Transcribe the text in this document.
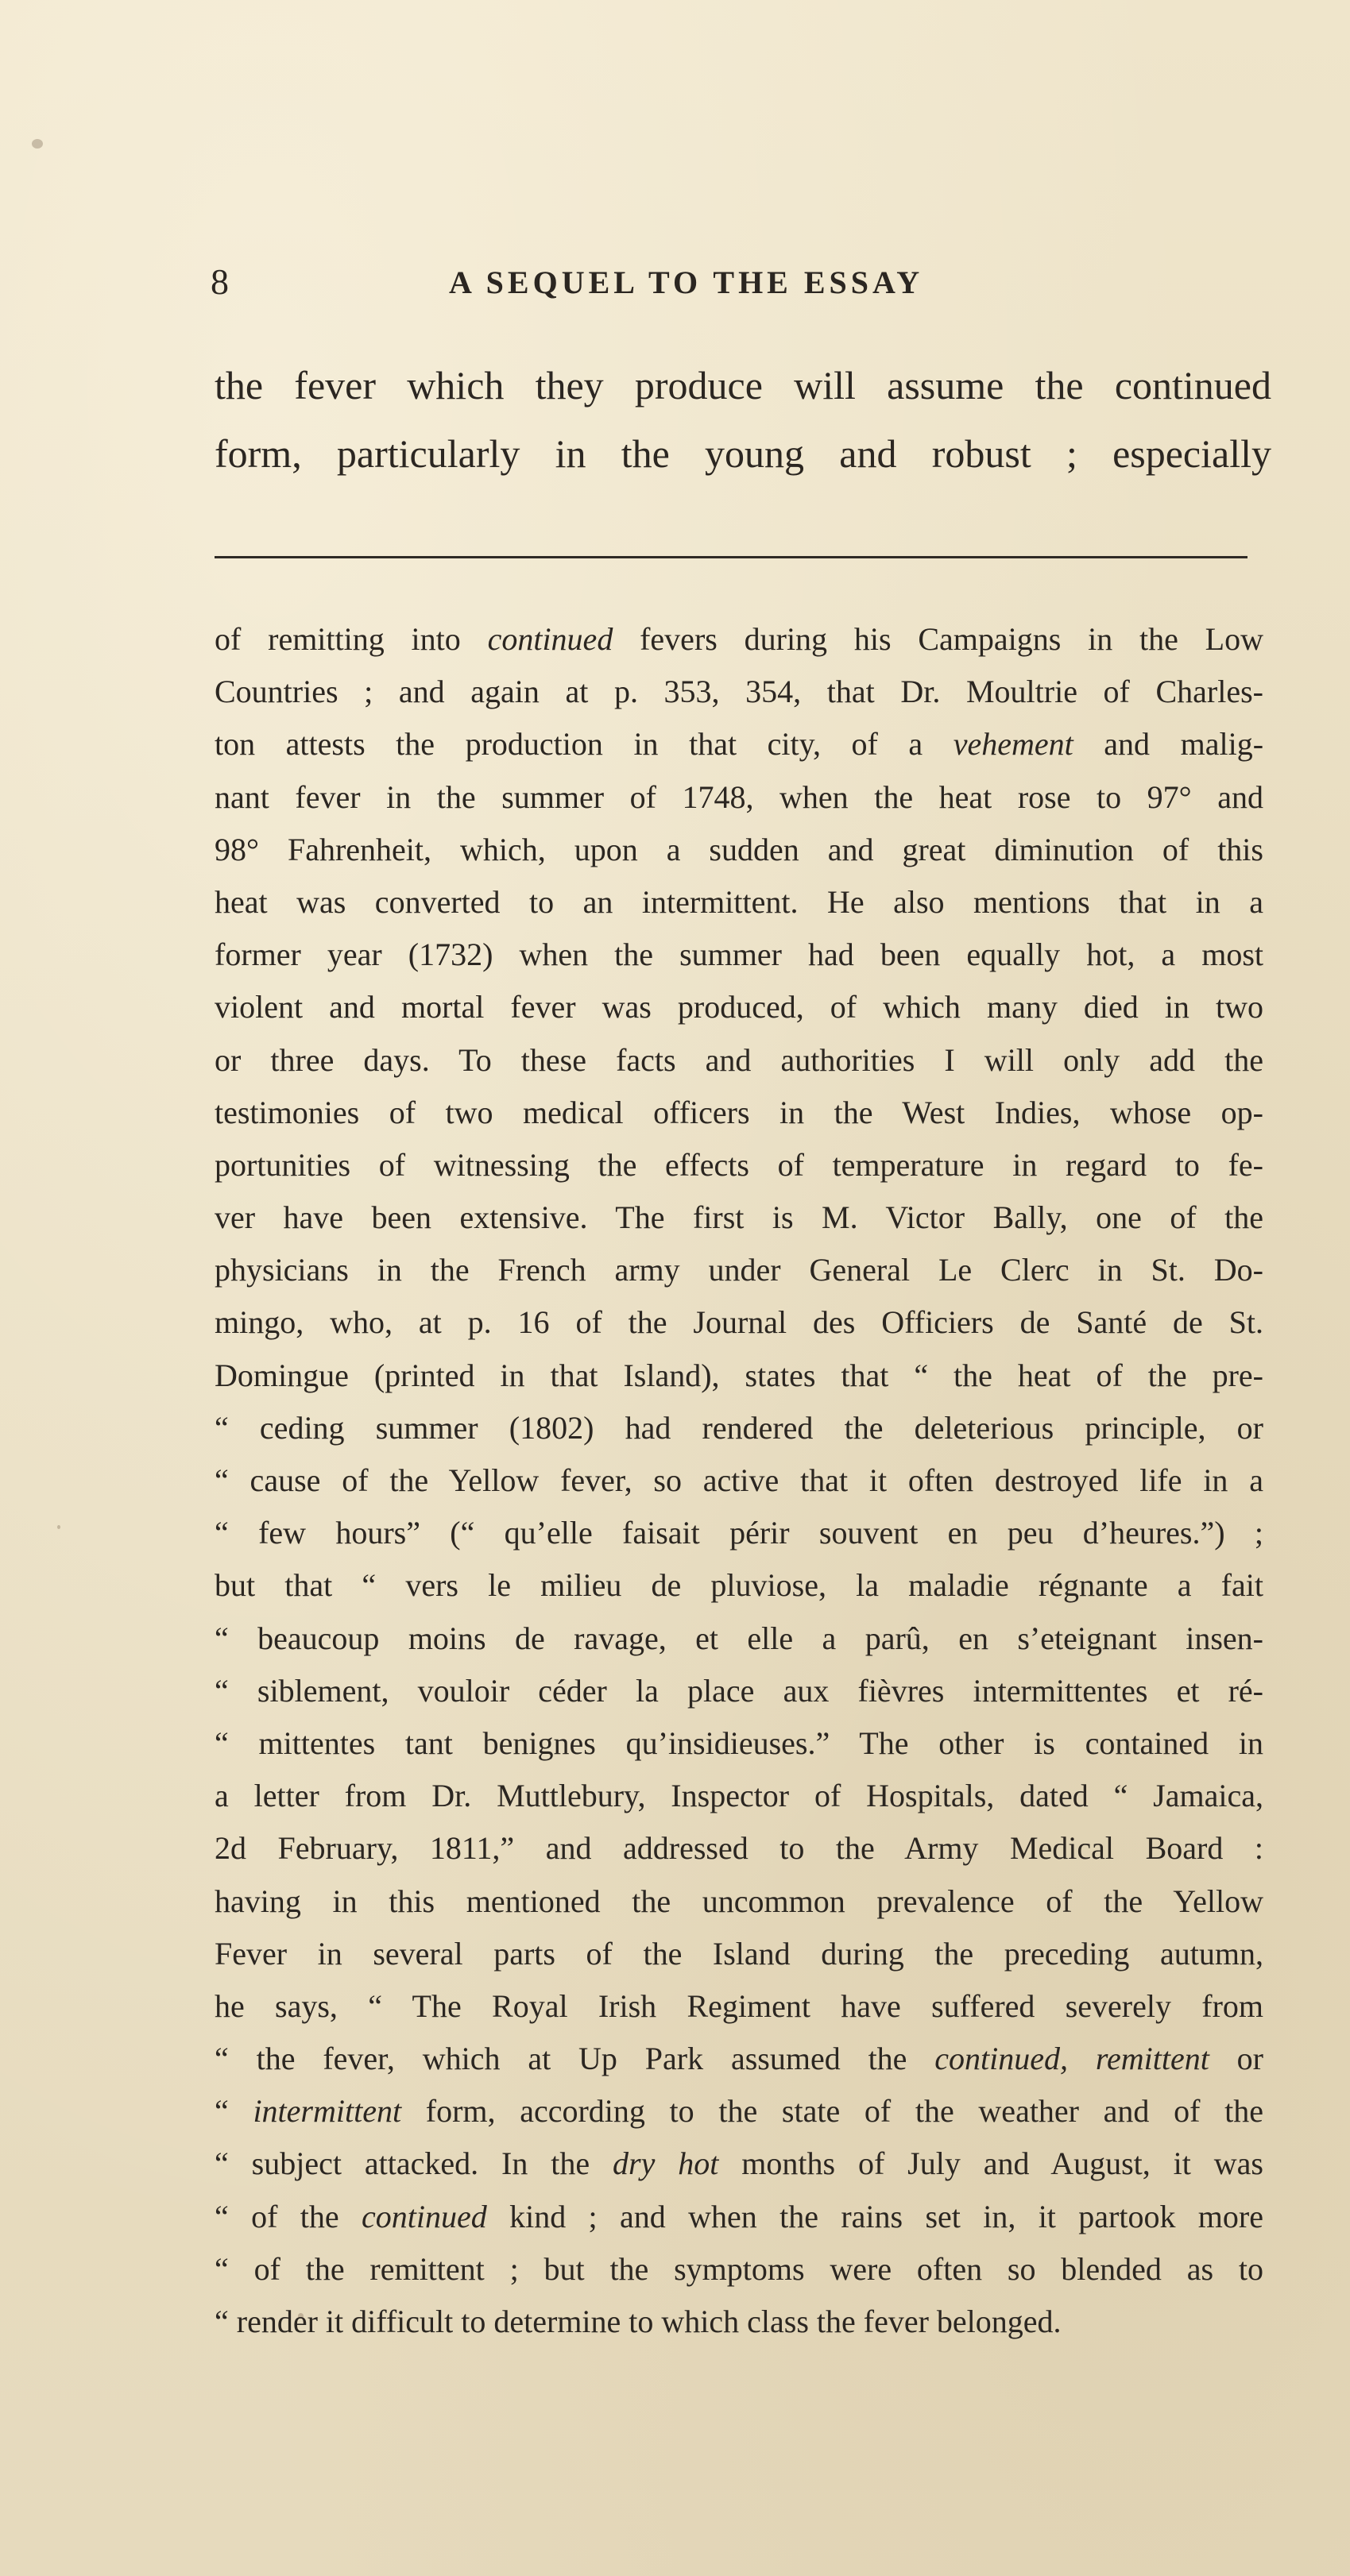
8	A SEQUEL TO THE ESSAY
the fever which they produce will assume the continued
form, particularly in the young and robust ; especially
of remitting into continued fevers during his Campaigns in the Low
Countries ; and again at p. 353, 354, that Dr. Moultrie of Charles-
ton attests the production in that city, of a vehement and malig-
nant fever in the summer of 1748, when the heat rose to 97° and
98° Fahrenheit, which, upon a sudden and great diminution of this
heat was converted to an intermittent. He also mentions that in a
former year (1732) when the summer had been equally hot, a most
violent and mortal fever was produced, of which many died in two
or three days. To these facts and authorities I will only add the
testimonies of two medical officers in the West Indies, whose op-
portunities of witnessing the effects of temperature in regard to fe-
ver have been extensive. The first is M. Victor Bally, one of the
physicians in the French army under General Le Clerc in St. Do-
mingo, who, at p. 16 of the Journal des Officiers de Santé de St.
Domingue (printed in that Island), states that “ the heat of the pre-
“ ceding summer (1802) had rendered the deleterious principle, or
“ cause of the Yellow fever, so active that it often destroyed life in a
“ few hours” (“ qu’elle faisait périr souvent en peu d’heures.”) ;
but that “ vers le milieu de pluviose, la maladie régnante a fait
“ beaucoup moins de ravage, et elle a parû, en s’eteignant insen-
“ siblement, vouloir céder la place aux fièvres intermittentes et ré-
“ mittentes tant benignes qu’insidieuses.” The other is contained in
a letter from Dr. Muttlebury, Inspector of Hospitals, dated “ Jamaica,
2d February, 1811,” and addressed to the Army Medical Board :
having in this mentioned the uncommon prevalence of the Yellow
Fever in several parts of the Island during the preceding autumn,
he says, “ The Royal Irish Regiment have suffered severely from
“ the fever, which at Up Park assumed the continued, remittent or
“ intermittent form, according to the state of the weather and of the
“ subject attacked. In the dry hot months of July and August, it was
“ of the continued kind ; and when the rains set in, it partook more
“ of the remittent ; but the symptoms were often so blended as to
“ render it difficult to determine to which class the fever belonged.
